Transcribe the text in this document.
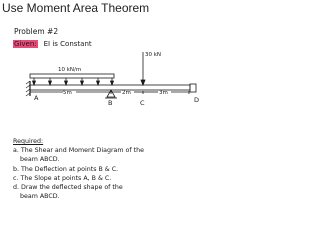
Use Moment Area Theorem
Problem #2
Given: EI is Constant
30 kN
10 kN/m
5m	2m	3m
A
B	C	D
Required:
a. The Shear and Moment Diagram of the
beam ABCD.
b. The Deflection at points B & C.
c. The Slope at points A, B & C.
d. Draw the deflected shape of the
beam ABCD.
